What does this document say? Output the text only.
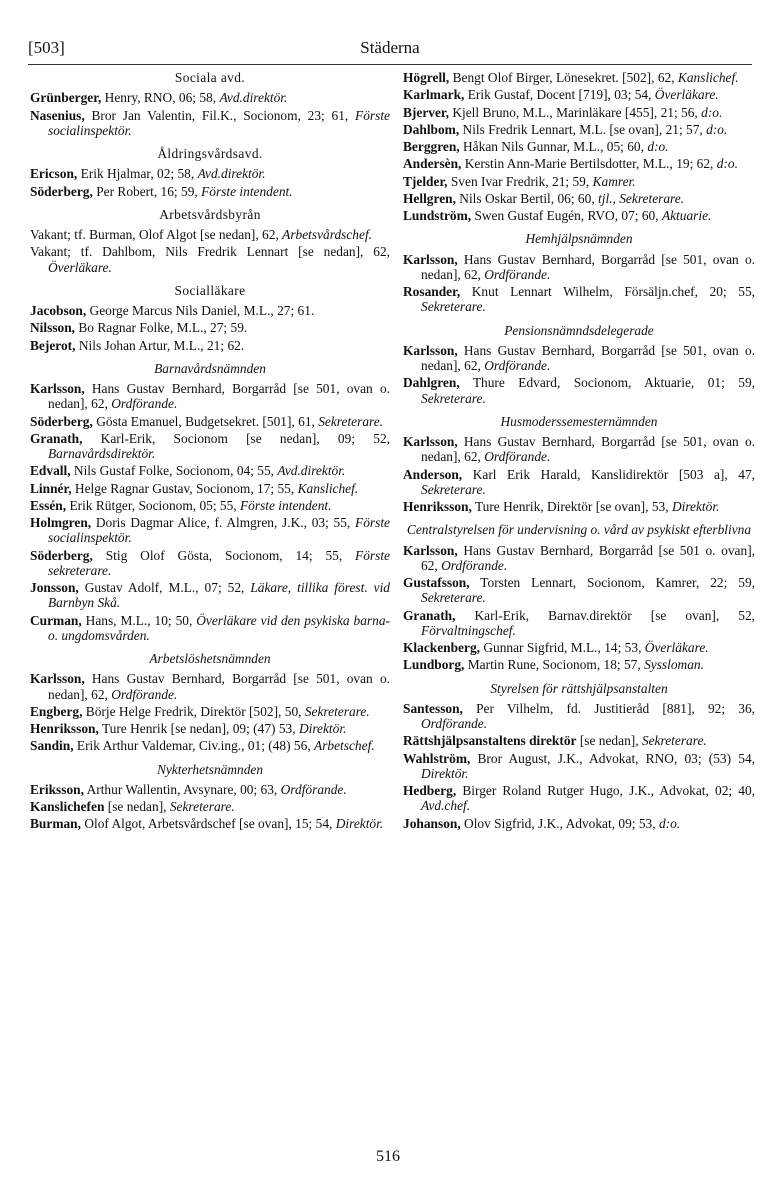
[503]	Städerna
Sociala avd.
Grünberger, Henry, RNO, 06; 58, Avd.direktör.
Nasenius, Bror Jan Valentin, Fil.K., Socionom, 23; 61, Förste socialinspektör.
Åldringsvårdsavd.
Ericson, Erik Hjalmar, 02; 58, Avd.direktör.
Söderberg, Per Robert, 16; 59, Förste intendent.
Arbetsvårdsbyrån
Vakant; tf. Burman, Olof Algot [se nedan], 62, Arbetsvårdschef.
Vakant; tf. Dahlbom, Nils Fredrik Lennart [se nedan], 62, Överläkare.
Socialläkare
Jacobson, George Marcus Nils Daniel, M.L., 27; 61.
Nilsson, Bo Ragnar Folke, M.L., 27; 59.
Bejerot, Nils Johan Artur, M.L., 21; 62.
Barnavårdsnämnden
Karlsson, Hans Gustav Bernhard, Borgarråd [se 501, ovan o. nedan], 62, Ordförande.
Söderberg, Gösta Emanuel, Budgetsekret. [501], 61, Sekreterare.
Granath, Karl-Erik, Socionom [se nedan], 09; 52, Barnavårdsdirektör.
Edvall, Nils Gustaf Folke, Socionom, 04; 55, Avd.direktör.
Linnér, Helge Ragnar Gustav, Socionom, 17; 55, Kanslichef.
Essén, Erik Rütger, Socionom, 05; 55, Förste intendent.
Holmgren, Doris Dagmar Alice, f. Almgren, J.K., 03; 55, Förste socialinspektör.
Söderberg, Stig Olof Gösta, Socionom, 14; 55, Förste sekreterare.
Jonsson, Gustav Adolf, M.L., 07; 52, Läkare, tillika förest. vid Barnbyn Skå.
Curman, Hans, M.L., 10; 50, Överläkare vid den psykiska barna- o. ungdomsvården.
Arbetslöshetsnämnden
Karlsson, Hans Gustav Bernhard, Borgarråd [se 501, ovan o. nedan], 62, Ordförande.
Engberg, Börje Helge Fredrik, Direktör [502], 50, Sekreterare.
Henriksson, Ture Henrik [se nedan], 09; (47) 53, Direktör.
Sandin, Erik Arthur Valdemar, Civ.ing., 01; (48) 56, Arbetschef.
Nykterhetsnämnden
Eriksson, Arthur Wallentin, Avsynare, 00; 63, Ordförande.
Kanslichefen [se nedan], Sekreterare.
Burman, Olof Algot, Arbetsvårdschef [se ovan], 15; 54, Direktör.
Högrell, Bengt Olof Birger, Lönesekret. [502], 62, Kanslichef.
Karlmark, Erik Gustaf, Docent [719], 03; 54, Överläkare.
Bjerver, Kjell Bruno, M.L., Marinläkare [455], 21; 56, d:o.
Dahlbom, Nils Fredrik Lennart, M.L. [se ovan], 21; 57, d:o.
Berggren, Håkan Nils Gunnar, M.L., 05; 60, d:o.
Andersèn, Kerstin Ann-Marie Bertilsdotter, M.L., 19; 62, d:o.
Tjelder, Sven Ivar Fredrik, 21; 59, Kamrer.
Hellgren, Nils Oskar Bertil, 06; 60, tjl., Sekreterare.
Lundström, Swen Gustaf Eugén, RVO, 07; 60, Aktuarie.
Hemhjälpsnämnden
Karlsson, Hans Gustav Bernhard, Borgarråd [se 501, ovan o. nedan], 62, Ordförande.
Rosander, Knut Lennart Wilhelm, Försäljn.chef, 20; 55, Sekreterare.
Pensionsnämndsdelegerade
Karlsson, Hans Gustav Bernhard, Borgarråd [se 501, ovan o. nedan], 62, Ordförande.
Dahlgren, Thure Edvard, Socionom, Aktuarie, 01; 59, Sekreterare.
Husmoderssemesternämnden
Karlsson, Hans Gustav Bernhard, Borgarråd [se 501, ovan o. nedan], 62, Ordförande.
Anderson, Karl Erik Harald, Kanslidirektör [503 a], 47, Sekreterare.
Henriksson, Ture Henrik, Direktör [se ovan], 53, Direktör.
Centralstyrelsen för undervisning o. vård av psykiskt efterblivna
Karlsson, Hans Gustav Bernhard, Borgarråd [se 501 o. ovan], 62, Ordförande.
Gustafsson, Torsten Lennart, Socionom, Kamrer, 22; 59, Sekreterare.
Granath, Karl-Erik, Barnav.direktör [se ovan], 52, Förvaltningschef.
Klackenberg, Gunnar Sigfrid, M.L., 14; 53, Överläkare.
Lundborg, Martin Rune, Socionom, 18; 57, Syssloman.
Styrelsen för rättshjälpsanstalten
Santesson, Per Vilhelm, fd. Justitieråd [881], 92; 36, Ordförande.
Rättshjälpsanstaltens direktör [se nedan], Sekreterare.
Wahlström, Bror August, J.K., Advokat, RNO, 03; (53) 54, Direktör.
Hedberg, Birger Roland Rutger Hugo, J.K., Advokat, 02; 40, Avd.chef.
Johanson, Olov Sigfrid, J.K., Advokat, 09; 53, d:o.
516
